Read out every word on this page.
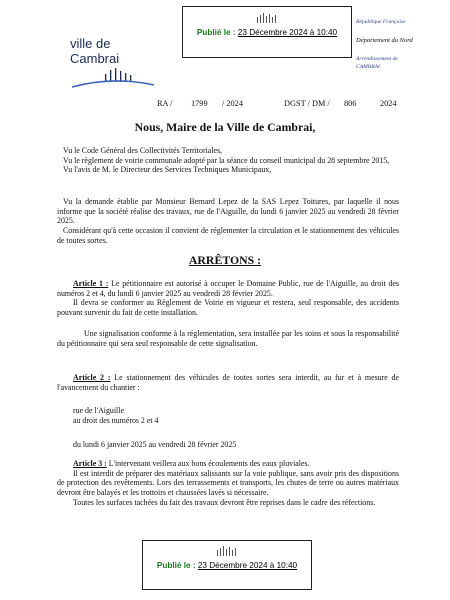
Publié le : 23 Décembre 2024 à 10:40
ville de Cambrai
République Française
Département du Nord
Arrondissement de
CAMBRAI
RA / 1799 / 2024	DGST / DM / 806	2024
Nous, Maire de la Ville de Cambrai,

Vu le Code Général des Collectivités Territoriales,

Vu le règlement de voirie communale adopté par la séance du conseil municipal du 28 septembre 2015,

Vu l'avis de M. le Directeur des Services Techniques Municipaux,

Vu la demande établie par Monsieur Bernard Lepez de la SAS Lepez Toitures, par laquelle il nous informe que la société réalise des travaux, rue de l'Aiguille, du lundi 6 janvier 2025 au vendredi 28 février 2025.

Considérant qu'à cette occasion il convient de réglementer la circulation et le stationnement des véhicules de toutes sortes.

ARRÊTONS :

Article 1 : Le pétitionnaire est autorisé à occuper le Domaine Public, rue de l'Aiguille, au droit des numéros 2 et 4, du lundi 6 janvier 2025 au vendredi 28 février 2025.

Il devra se conformer au Règlement de Voirie en vigueur et restera, seul responsable, des accidents pouvant survenir du fait de cette installation.

Une signalisation conforme à la réglementation, sera installée par les soins et sous la responsabilité du pétitionnaire qui sera seul responsable de cette signalisation.

Article 2 : Le stationnement des véhicules de toutes sortes sera interdit, au fur et à mesure de l'avancement du chantier :

rue de l'Aiguille

au droit des numéros 2 et 4

du lundi 6 janvier 2025 au vendredi 28 février 2025

Article 3 : L'intervenant veillera aux bons écoulements des eaux pluviales.

Il est interdit de préparer des matériaux salissants sur la voie publique, sans avoir pris des dispositions de protection des revêtements. Lors des terrassements et transports, les chutes de terre ou autres matériaux devront être balayés et les trottoirs et chaussées lavés si nécessaire.

Toutes les surfaces tachées du fait des travaux devront être reprises dans le cadre des réfections.

Publié le : 23 Décembre 2024 à 10:40
